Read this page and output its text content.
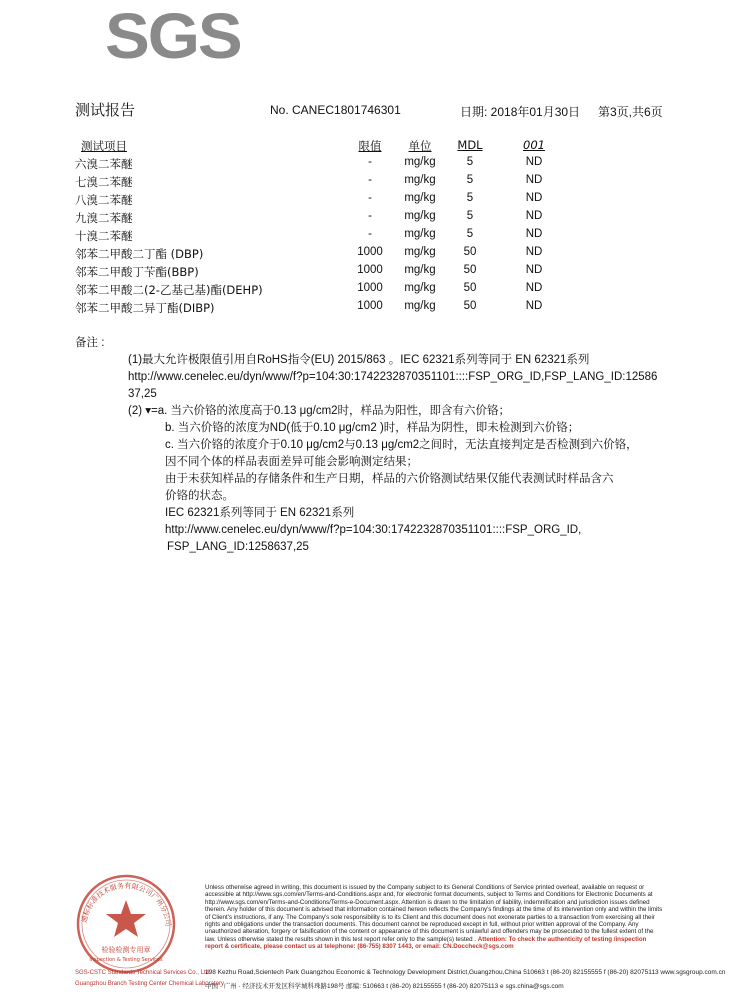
SGS
测试报告	No. CANEC1801746301	日期: 2018年01月30日 第3页,共6页
测试项目	限值	单位	MDL	001
六溴二苯醚	-	mg/kg	5	ND
七溴二苯醚	-	mg/kg	5	ND
八溴二苯醚	-	mg/kg	5	ND
九溴二苯醚	-	mg/kg	5	ND
十溴二苯醚	-	mg/kg	5	ND
邻苯二甲酸二丁酯 (DBP)	1000	mg/kg	50	ND
邻苯二甲酸丁苄酯(BBP)	1000	mg/kg	50	ND
邻苯二甲酸二(2-乙基己基)酯(DEHP)	1000	mg/kg	50	ND
邻苯二甲酸二异丁酯(DIBP)	1000	mg/kg	50	ND
备注 :
(1)最大允许极限值引用自RoHS指令(EU) 2015/863 。IEC 62321系列等同于 EN 62321系列
http://www.cenelec.eu/dyn/www/f?p=104:30:1742232870351101::::FSP_ORG_ID,FSP_LANG_ID:12586
37,25
(2) ▾=a. 当六价铬的浓度高于0.13 μg/cm2时，样品为阳性，即含有六价铬；
b. 当六价铬的浓度为ND(低于0.10 μg/cm2 )时，样品为阴性，即未检测到六价铬；
c. 当六价铬的浓度介于0.10 μg/cm2与0.13 μg/cm2之间时，无法直接判定是否检测到六价铬，
因不同个体的样品表面差异可能会影响测定结果；
由于未获知样品的存储条件和生产日期，样品的六价铬测试结果仅能代表测试时样品含六
价铬的状态。
IEC 62321系列等同于 EN 62321系列
http://www.cenelec.eu/dyn/www/f?p=104:30:1742232870351101::::FSP_ORG_ID,
FSP_LANG_ID:1258637,25
检验检测专用章
Inspection & Testing Services
通标标准技术服务有限公司广州分公司
SGS-CSTC Standards Technical Services Co., Ltd.
Guangzhou Branch Testing Center Chemical Laboratory
Unless otherwise agreed in writing, this document is issued by the Company subject to its General Conditions of Service printed overleaf, available on request or accessible at http://www.sgs.com/en/Terms-and-Conditions.aspx and, for electronic format documents, subject to Terms and Conditions for Electronic Documents at http://www.sgs.com/en/Terms-and-Conditions/Terms-e-Document.aspx. Attention is drawn to the limitation of liability, indemnification and jurisdiction issues defined therein. Any holder of this document is advised that information contained hereon reflects the Company's findings at the time of its intervention only and within the limits of Client's instructions, if any. The Company's sole responsibility is to its Client and this document does not exonerate parties to a transaction from exercising all their rights and obligations under the transaction documents. This document cannot be reproduced except in full, without prior written approval of the Company. Any unauthorized alteration, forgery or falsification of the content or appearance of this document is unlawful and offenders may be prosecuted to the fullest extent of the law. Unless otherwise stated the results shown in this test report refer only to the sample(s) tested . Attention: To check the authenticity of testing /inspection report & certificate, please contact us at telephone: (86-755) 8307 1443, or email: CN.Doccheck@sgs.com
198 Kezhu Road,Scientech Park Guangzhou Economic & Technology Development District,Guangzhou,China 510663 t (86-20) 82155555 f (86-20) 82075113 www.sgsgroup.com.cn
中国 · 广州 · 经济技术开发区科学城科珠路198号 邮编: 510663 t (86-20) 82155555 f (86-20) 82075113 e sgs.china@sgs.com
